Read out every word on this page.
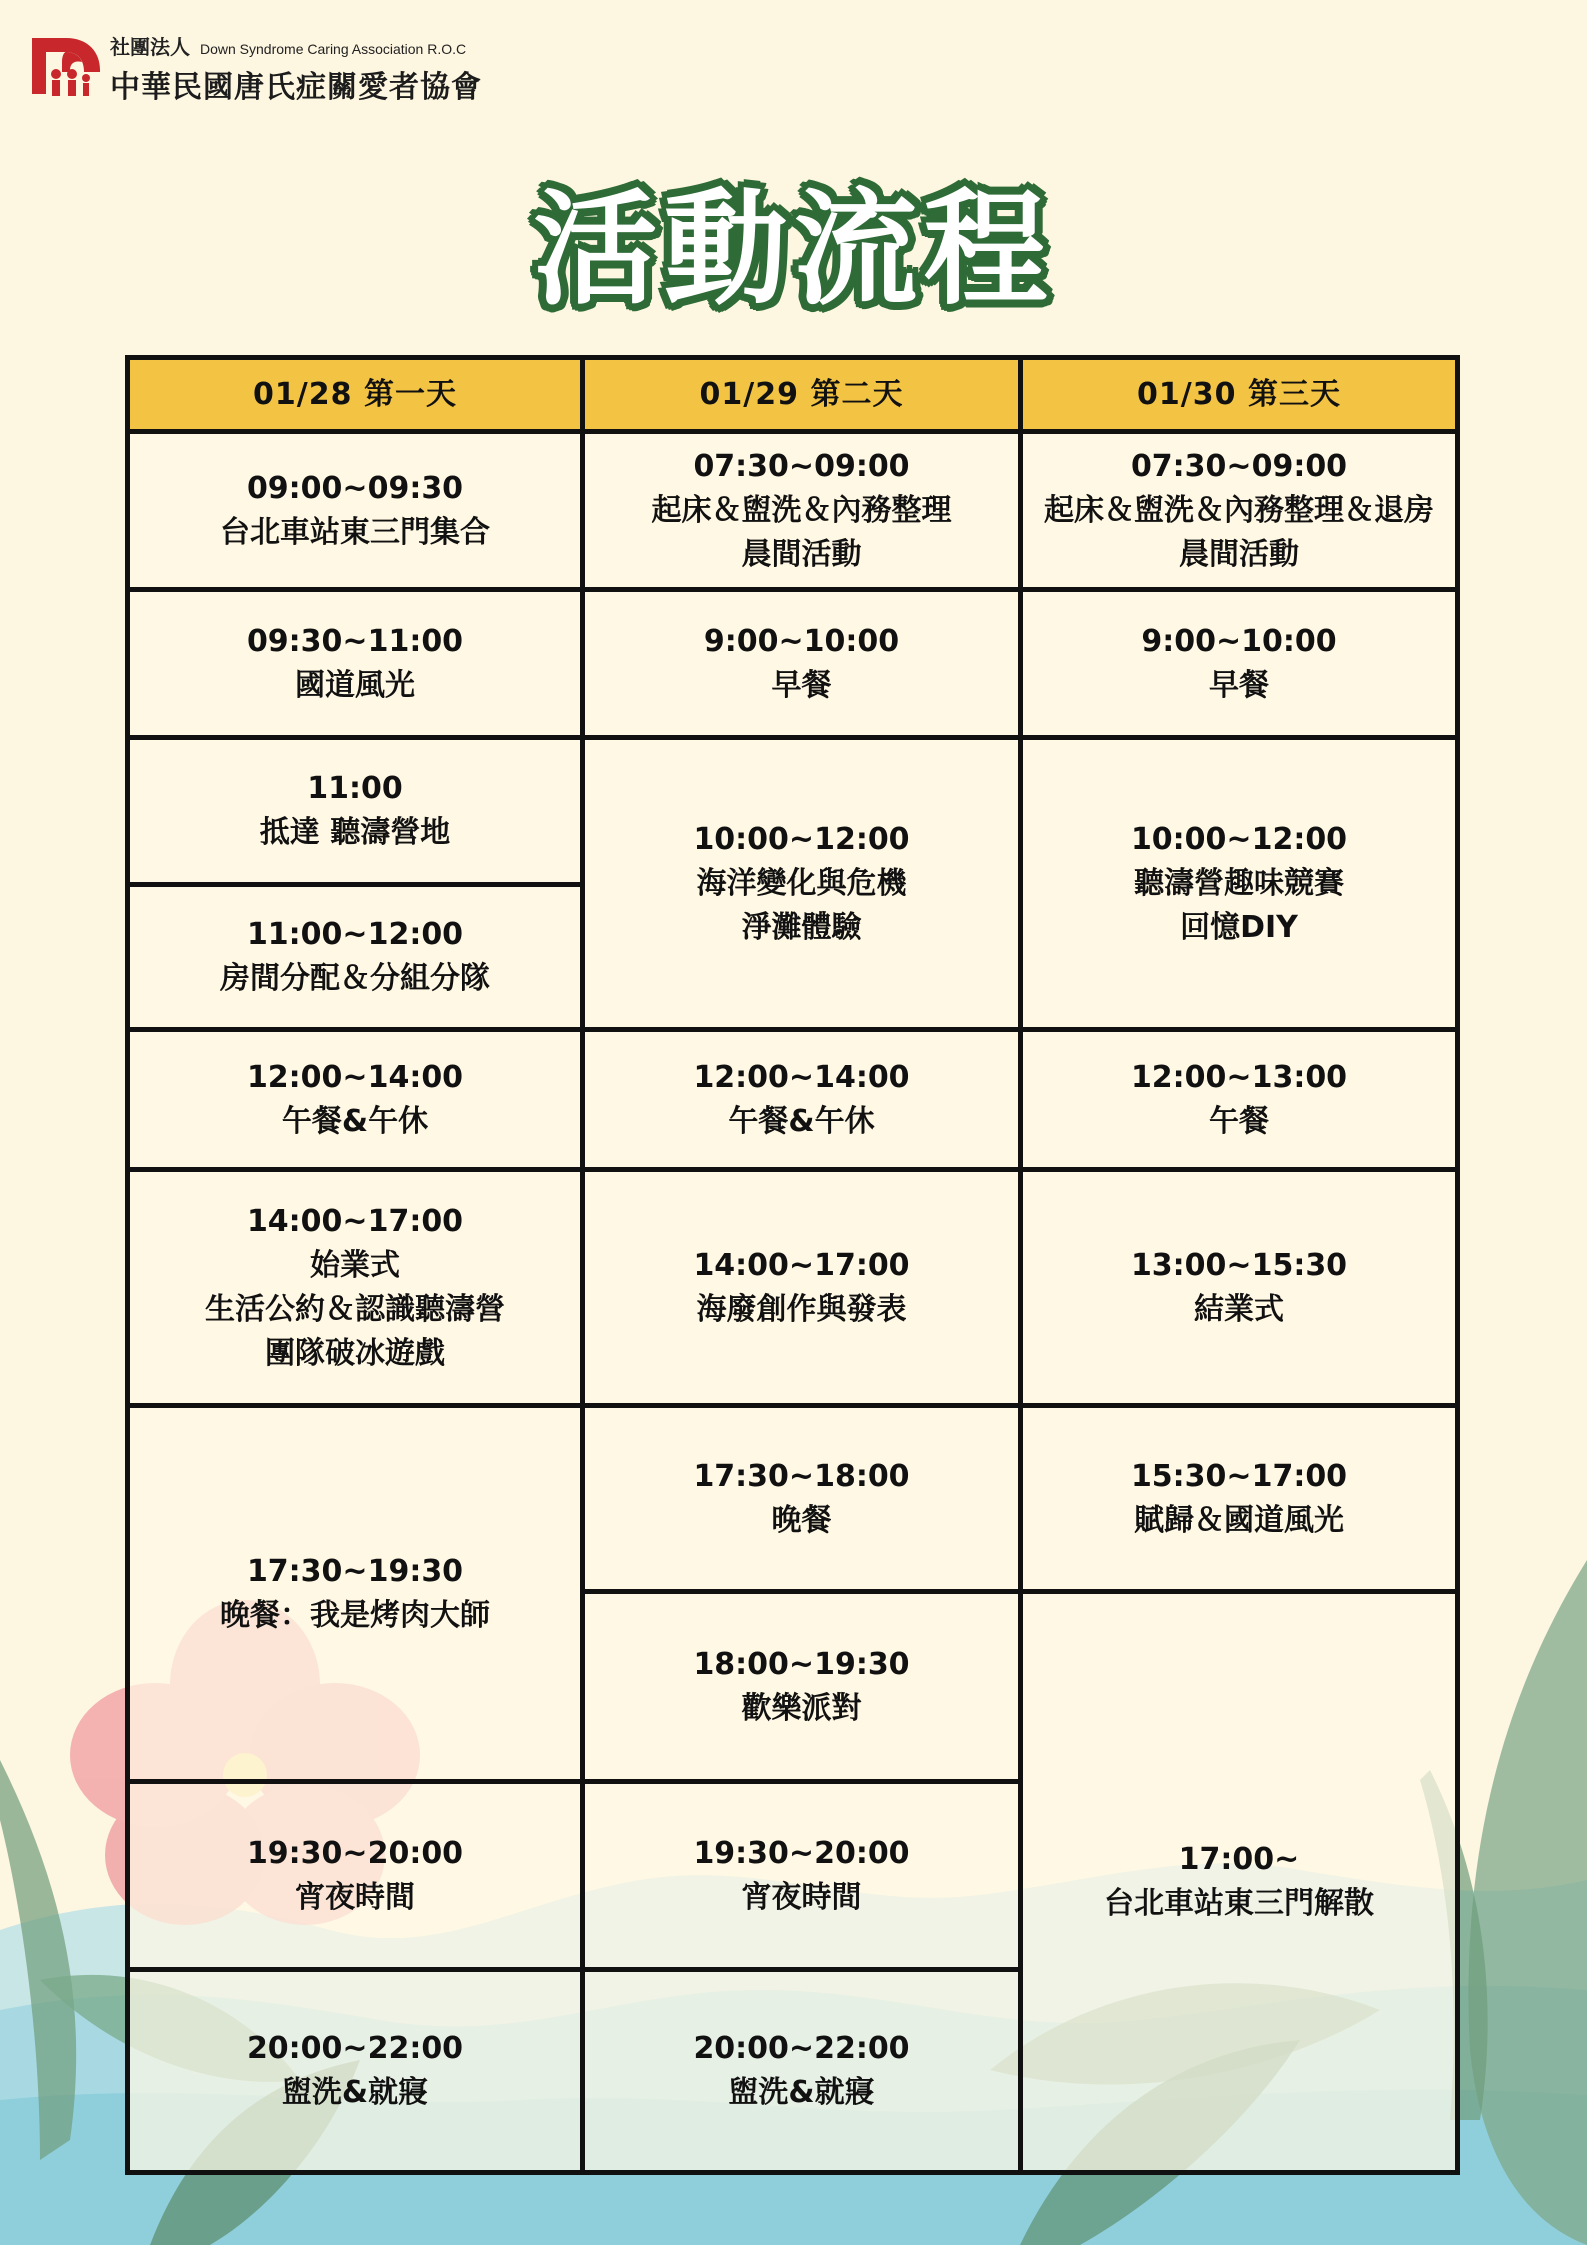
社團法人 Down Syndrome Caring Association R.O.C
中華民國唐氏症關愛者協會
活動流程
01/28 第一天	01/29 第二天	01/30 第三天
09:00~09:30
台北車站東三門集合
09:30~11:00
國道風光
11:00
抵達 聽濤營地
11:00~12:00
房間分配＆分組分隊
12:00~14:00
午餐&午休
14:00~17:00
始業式
生活公約＆認識聽濤營
團隊破冰遊戲
17:30~19:30
晚餐：我是烤肉大師
19:30~20:00
宵夜時間
20:00~22:00
盥洗&就寢
07:30~09:00
起床＆盥洗＆內務整理
晨間活動
9:00~10:00
早餐
10:00~12:00
海洋變化與危機
淨灘體驗
12:00~14:00
午餐&午休
14:00~17:00
海廢創作與發表
17:30~18:00
晚餐
18:00~19:30
歡樂派對
19:30~20:00
宵夜時間
20:00~22:00
盥洗&就寢
07:30~09:00
起床＆盥洗＆內務整理＆退房
晨間活動
9:00~10:00
早餐
10:00~12:00
聽濤營趣味競賽
回憶DIY
12:00~13:00
午餐
13:00~15:30
結業式
15:30~17:00
賦歸＆國道風光
17:00~
台北車站東三門解散
